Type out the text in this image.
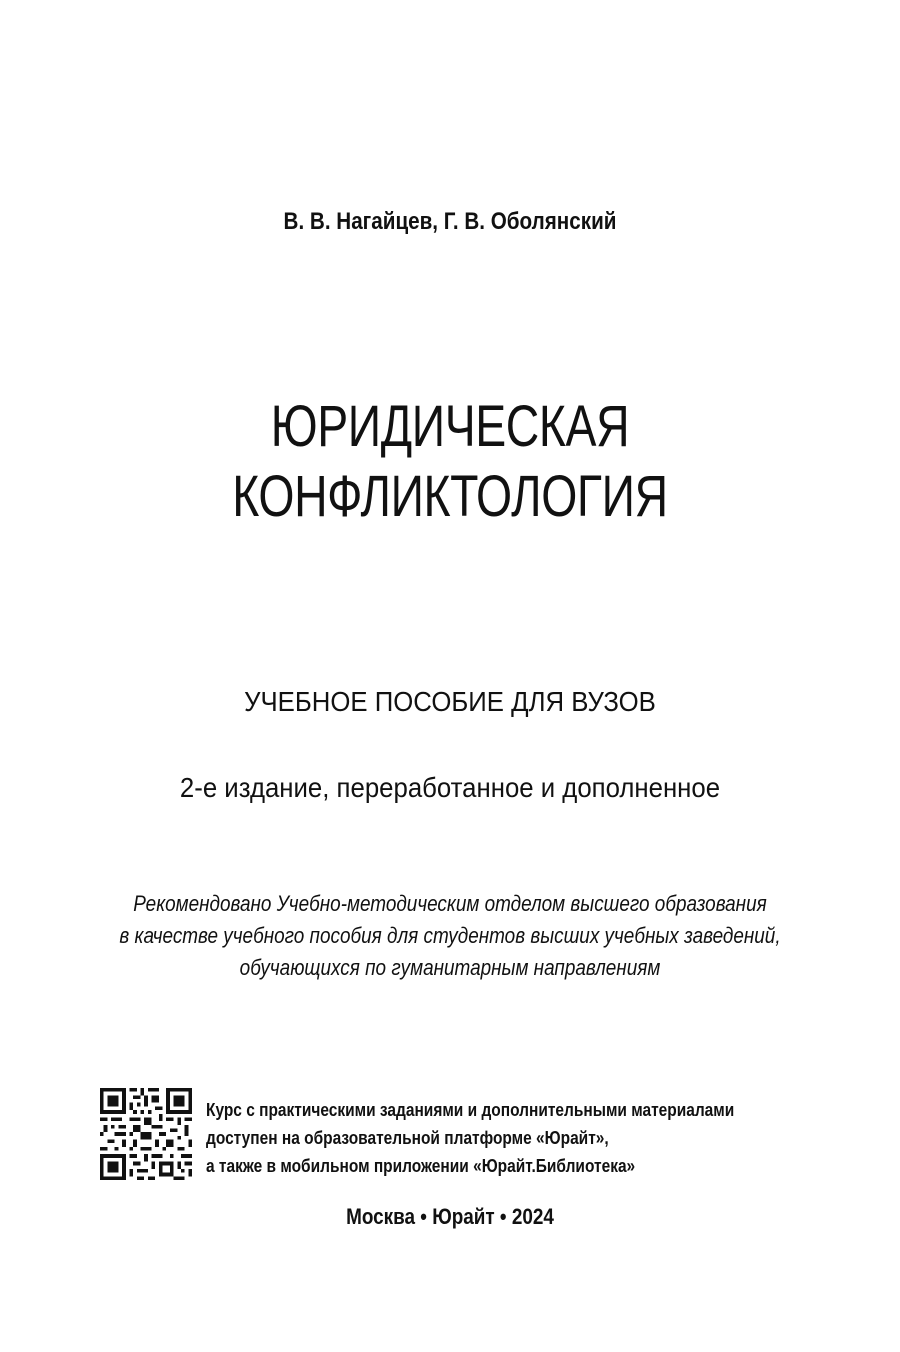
В. В. Нагайцев, Г. В. Оболянский
ЮРИДИЧЕСКАЯ
КОНФЛИКТОЛОГИЯ
УЧЕБНОЕ ПОСОБИЕ ДЛЯ ВУЗОВ
2-е издание, переработанное и дополненное
Рекомендовано Учебно-методическим отделом высшего образования
в качестве учебного пособия для студентов высших учебных заведений,
обучающихся по гуманитарным направлениям
Курс с практическими заданиями и дополнительными материалами
доступен на образовательной платформе «Юрайт»,
а также в мобильном приложении «Юрайт.Библиотека»
Москва • Юрайт • 2024
